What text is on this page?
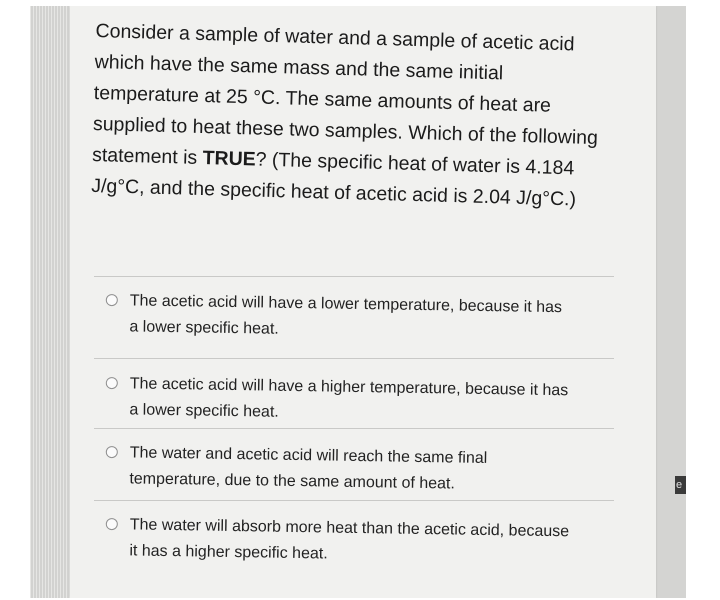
e

Consider a sample of water and a sample of acetic acid which have the same mass and the same initial temperature at 25 °C. The same amounts of heat are supplied to heat these two samples. Which of the following statement is TRUE? (The specific heat of water is 4.184 J/g°C, and the specific heat of acetic acid is 2.04 J/g°C.)

The acetic acid will have a lower temperature, because it has a lower specific heat.
The acetic acid will have a higher temperature, because it has a lower specific heat.
The water and acetic acid will reach the same final temperature, due to the same amount of heat.
The water will absorb more heat than the acetic acid, because it has a higher specific heat.
